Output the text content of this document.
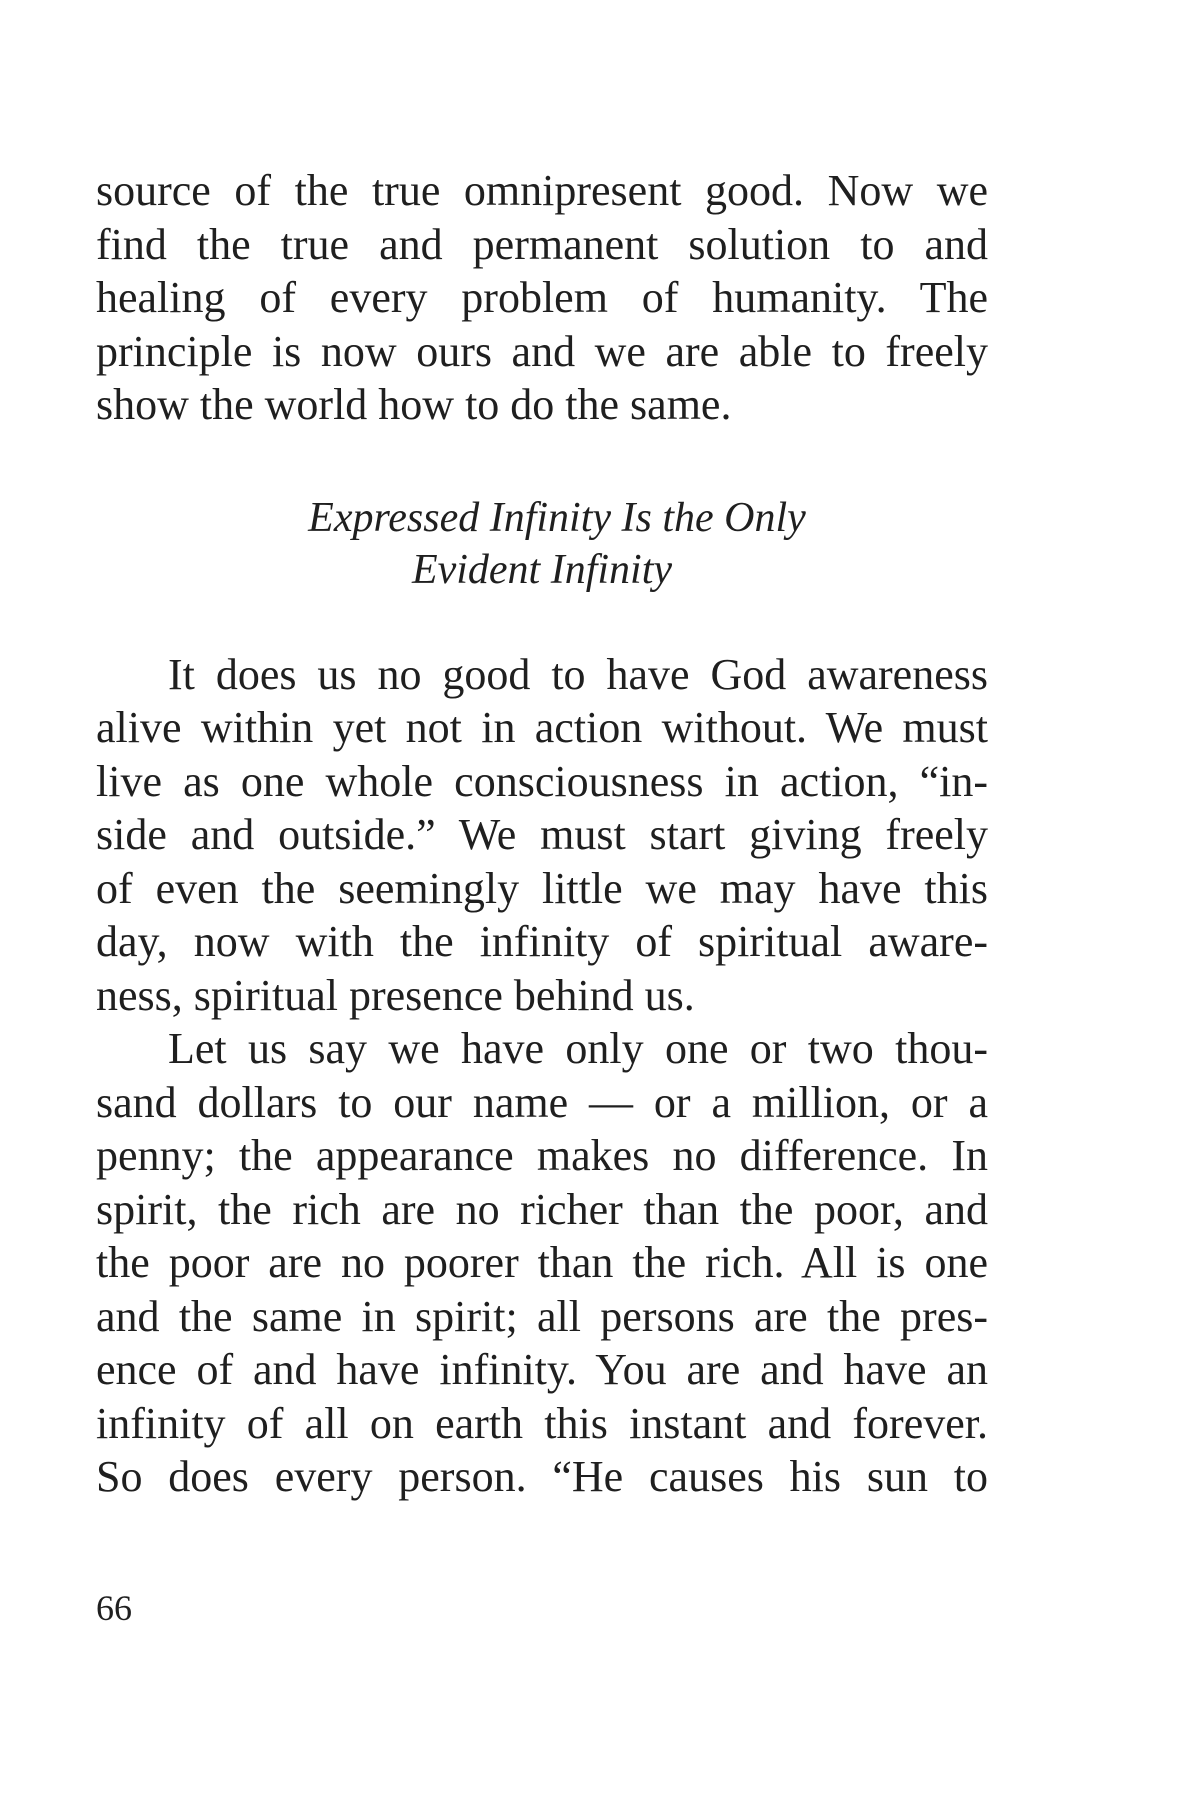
source of the true omnipresent good. Now we
find the true and permanent solution to and
healing of every problem of humanity. The
principle is now ours and we are able to freely
show the world how to do the same.
Expressed Infinity Is the Only
Evident Infinity
It does us no good to have God awareness
alive within yet not in action without. We must
live as one whole consciousness in action, “in-
side and outside.” We must start giving freely
of even the seemingly little we may have this
day, now with the infinity of spiritual aware-
ness, spiritual presence behind us.
Let us say we have only one or two thou-
sand dollars to our name — or a million, or a
penny; the appearance makes no difference. In
spirit, the rich are no richer than the poor, and
the poor are no poorer than the rich. All is one
and the same in spirit; all persons are the pres-
ence of and have infinity. You are and have an
infinity of all on earth this instant and forever.
So does every person. “He causes his sun to
66
